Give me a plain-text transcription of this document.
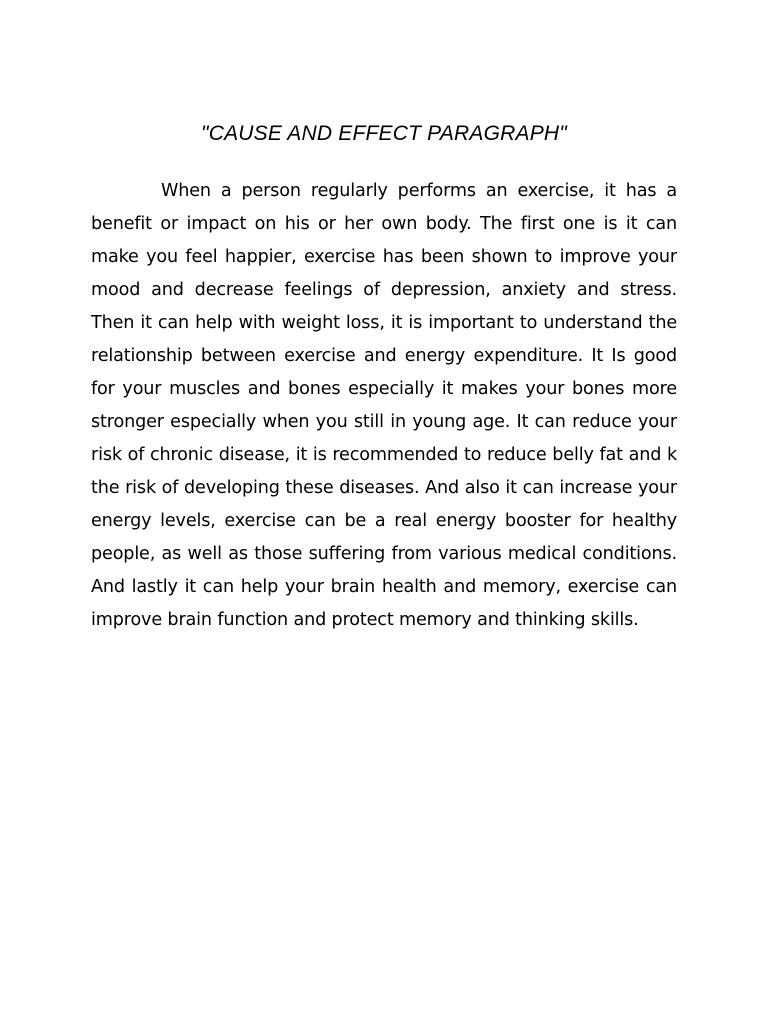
"CAUSE AND EFFECT PARAGRAPH"

When a person regularly performs an exercise, it has a benefit or impact on his or her own body. The first one is it can make you feel happier, exercise has been shown to improve your mood and decrease feelings of depression, anxiety and stress. Then it can help with weight loss, it is important to understand the relationship between exercise and energy expenditure. It Is good for your muscles and bones especially it makes your bones more stronger especially when you still in young age. It can reduce your risk of chronic disease, it is recommended to reduce belly fat and k the risk of developing these diseases. And also it can increase your energy levels, exercise can be a real energy booster for healthy people, as well as those suffering from various medical conditions. And lastly it can help your brain health and memory, exercise can improve brain function and protect memory and thinking skills.
